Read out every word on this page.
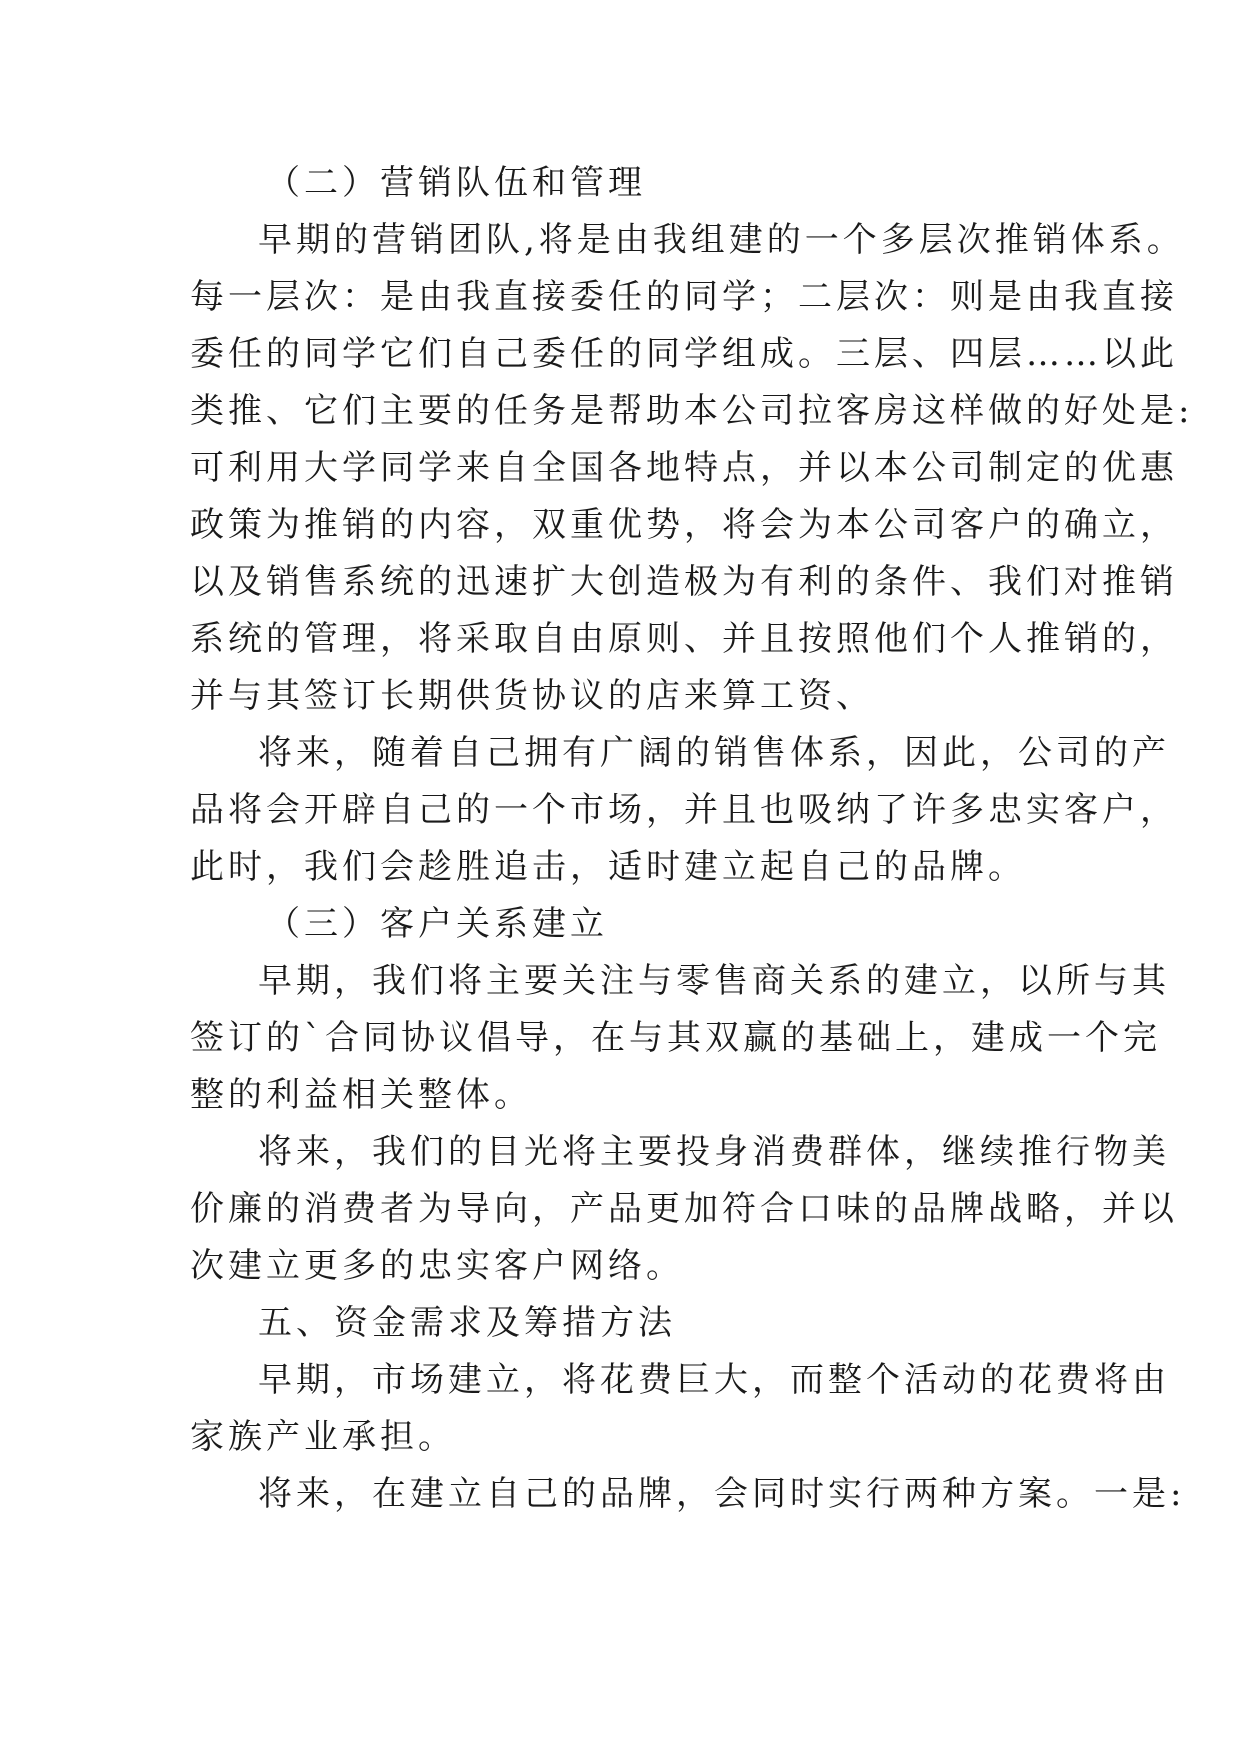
（二）营销队伍和管理
早期的营销团队,将是由我组建的一个多层次推销体系。
每一层次：是由我直接委任的同学；二层次：则是由我直接
委任的同学它们自己委任的同学组成。三层、四层……以此
类推、它们主要的任务是帮助本公司拉客房这样做的好处是:
可利用大学同学来自全国各地特点，并以本公司制定的优惠
政策为推销的内容，双重优势，将会为本公司客户的确立，
以及销售系统的迅速扩大创造极为有利的条件、我们对推销
系统的管理，将采取自由原则、并且按照他们个人推销的，
并与其签订长期供货协议的店来算工资、
将来，随着自己拥有广阔的销售体系，因此，公司的产
品将会开辟自己的一个市场，并且也吸纳了许多忠实客户，
此时，我们会趁胜追击，适时建立起自己的品牌。
（三）客户关系建立
早期，我们将主要关注与零售商关系的建立，以所与其
签订的`合同协议倡导，在与其双赢的基础上，建成一个完
整的利益相关整体。
将来，我们的目光将主要投身消费群体，继续推行物美
价廉的消费者为导向，产品更加符合口味的品牌战略，并以
次建立更多的忠实客户网络。
五、资金需求及筹措方法
早期，市场建立，将花费巨大，而整个活动的花费将由
家族产业承担。
将来，在建立自己的品牌，会同时实行两种方案。一是:
